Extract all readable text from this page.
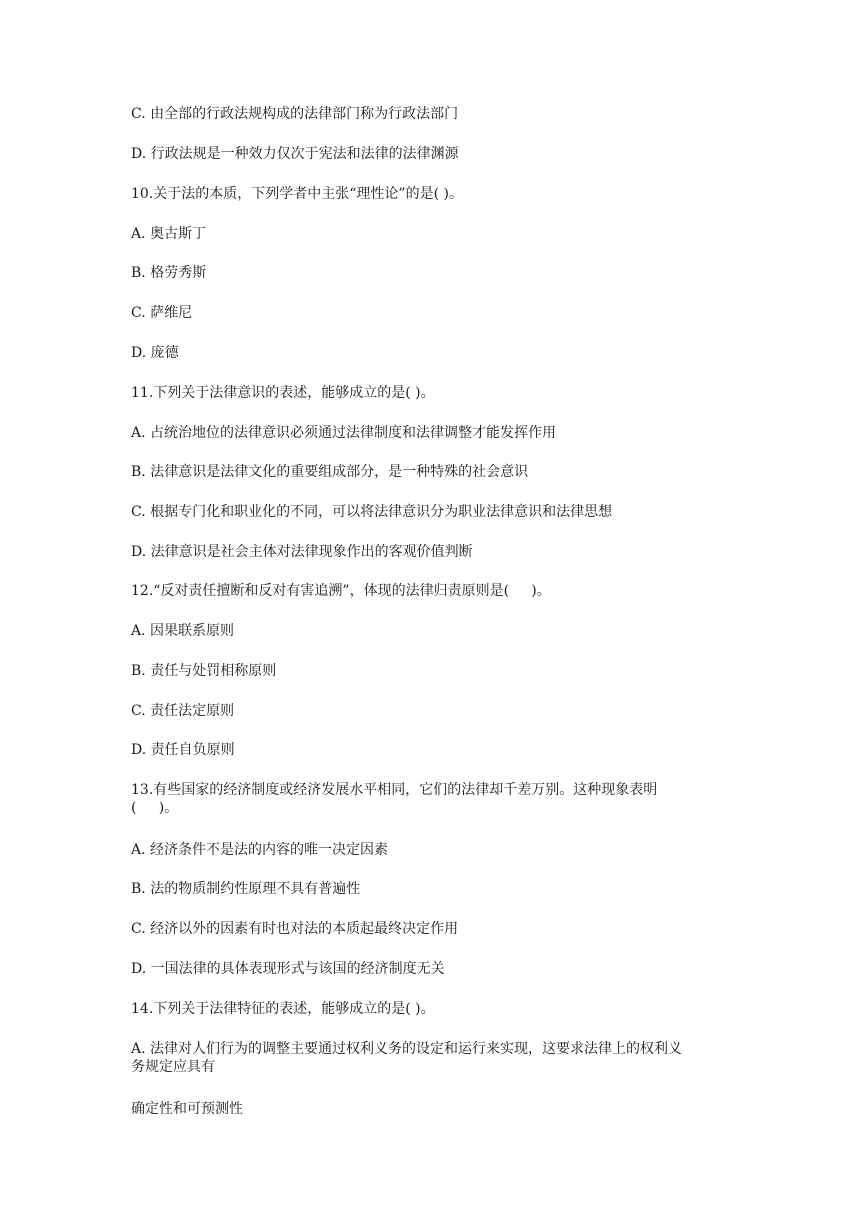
C. 由全部的行政法规构成的法律部门称为行政法部门
D. 行政法规是一种效力仅次于宪法和法律的法律渊源
10.关于法的本质，下列学者中主张“理性论”的是( )。
A. 奥古斯丁
B. 格劳秀斯
C. 萨维尼
D. 庞德
11.下列关于法律意识的表述，能够成立的是( )。
A. 占统治地位的法律意识必须通过法律制度和法律调整才能发挥作用
B. 法律意识是法律文化的重要组成部分，是一种特殊的社会意识
C. 根据专门化和职业化的不同，可以将法律意识分为职业法律意识和法律思想
D. 法律意识是社会主体对法律现象作出的客观价值判断
12.“反对责任擅断和反对有害追溯”，体现的法律归责原则是(     )。
A. 因果联系原则
B. 责任与处罚相称原则
C. 责任法定原则
D. 责任自负原则
13.有些国家的经济制度或经济发展水平相同，它们的法律却千差万别。这种现象表明
(     )。
A. 经济条件不是法的内容的唯一决定因素
B. 法的物质制约性原理不具有普遍性
C. 经济以外的因素有时也对法的本质起最终决定作用
D. 一国法律的具体表现形式与该国的经济制度无关
14.下列关于法律特征的表述，能够成立的是( )。
A. 法律对人们行为的调整主要通过权利义务的设定和运行来实现，这要求法律上的权利义
务规定应具有
确定性和可预测性
